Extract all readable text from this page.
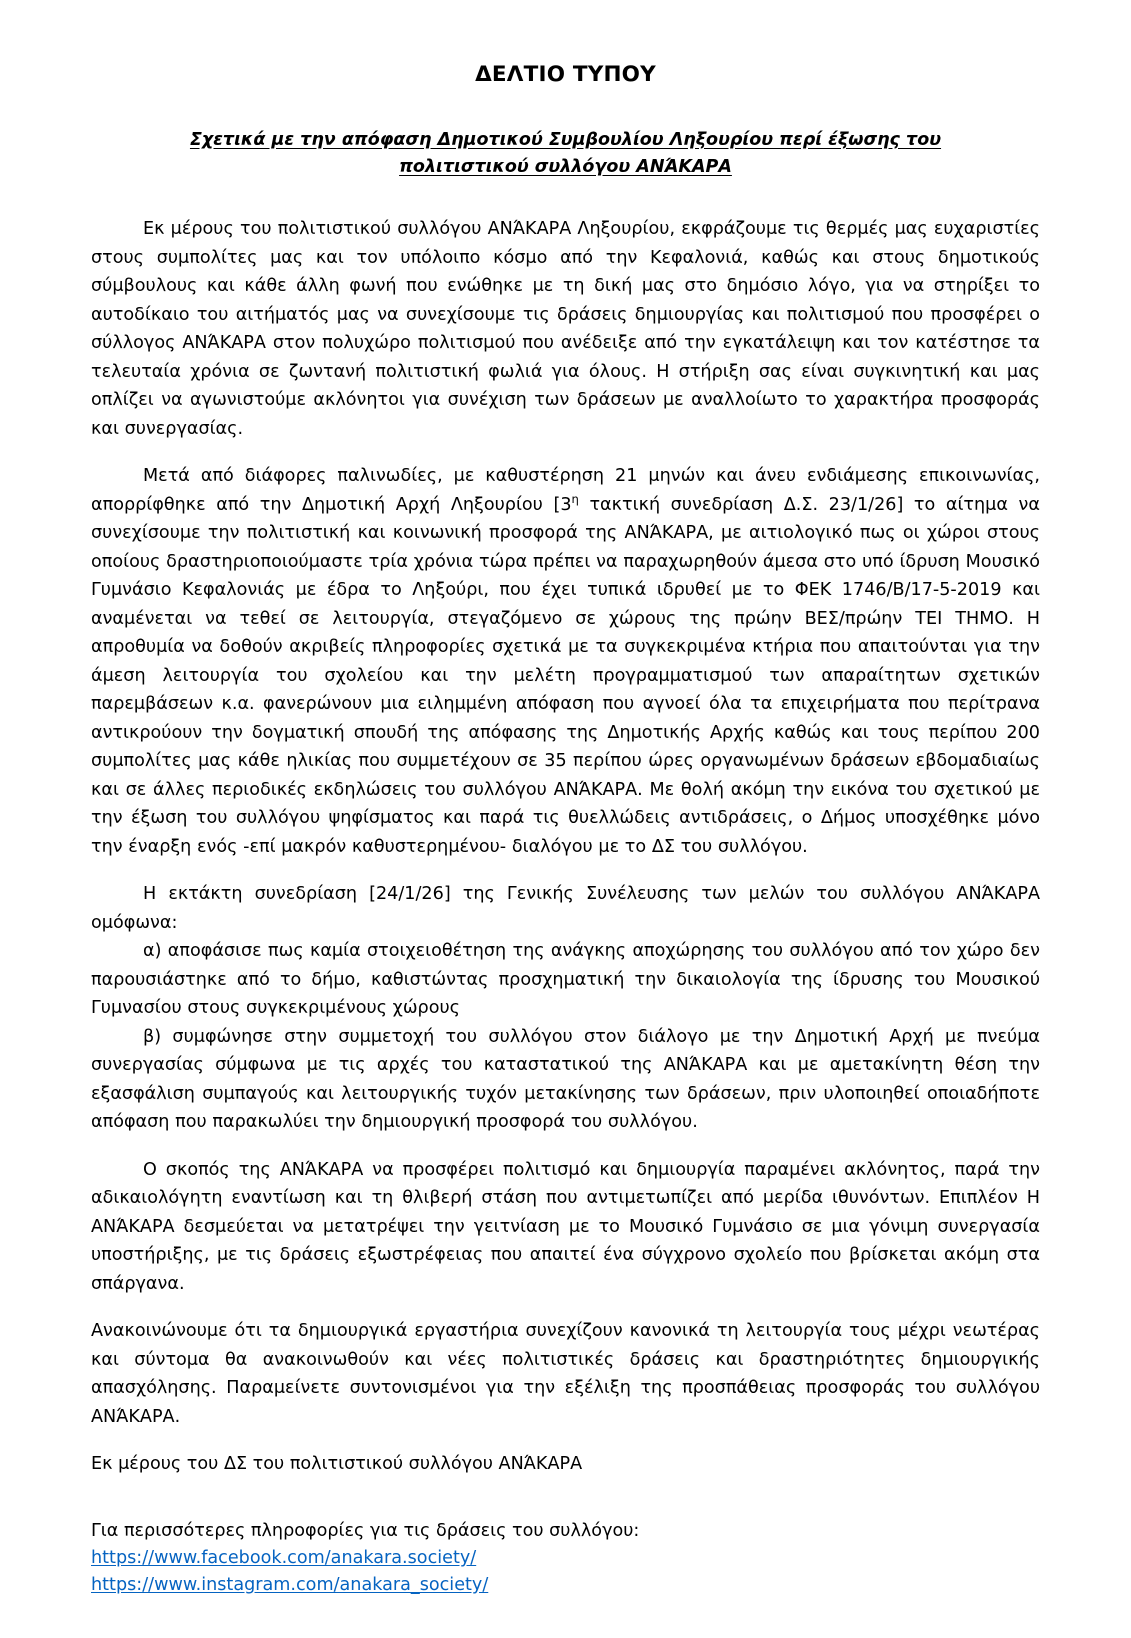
ΔΕΛΤΙΟ ΤΥΠΟΥ
Σχετικά με την απόφαση Δημοτικού Συμβουλίου Ληξουρίου περί έξωσης του
πολιτιστικού συλλόγου ΑΝΆΚΑΡΑ

Εκ μέρους του πολιτιστικού συλλόγου ΑΝΆΚΑΡΑ Ληξουρίου, εκφράζουμε τις θερμές μας ευχαριστίες στους συμπολίτες μας και τον υπόλοιπο κόσμο από την Κεφαλονιά, καθώς και στους δημοτικούς σύμβουλους και κάθε άλλη φωνή που ενώθηκε με τη δική μας στο δημόσιο λόγο, για να στηρίξει το αυτοδίκαιο του αιτήματός μας να συνεχίσουμε τις δράσεις δημιουργίας και πολιτισμού που προσφέρει ο σύλλογος ΑΝΆΚΑΡΑ στον πολυχώρο πολιτισμού που ανέδειξε από την εγκατάλειψη και τον κατέστησε τα τελευταία χρόνια σε ζωντανή πολιτιστική φωλιά για όλους. Η στήριξη σας είναι συγκινητική και μας οπλίζει να αγωνιστούμε ακλόνητοι για συνέχιση των δράσεων με αναλλοίωτο το χαρακτήρα προσφοράς και συνεργασίας.

Μετά από διάφορες παλινωδίες, με καθυστέρηση 21 μηνών και άνευ ενδιάμεσης επικοινωνίας, απορρίφθηκε από την Δημοτική Αρχή Ληξουρίου [$3^\eta$ τακτική συνεδρίαση Δ.Σ. 23/1/26] το αίτημα να συνεχίσουμε την πολιτιστική και κοινωνική προσφορά της ΑΝΆΚΑΡΑ, με αιτιολογικό πως οι χώροι στους οποίους δραστηριοποιούμαστε τρία χρόνια τώρα πρέπει να παραχωρηθούν άμεσα στο υπό ίδρυση Μουσικό Γυμνάσιο Κεφαλονιάς με έδρα το Ληξούρι, που έχει τυπικά ιδρυθεί με το ΦΕΚ 1746/Β/17-5-2019 και αναμένεται να τεθεί σε λειτουργία, στεγαζόμενο σε χώρους της πρώην ΒΕΣ/πρώην ΤΕΙ ΤΗΜΟ. Η απροθυμία να δοθούν ακριβείς πληροφορίες σχετικά με τα συγκεκριμένα κτήρια που απαιτούνται για την άμεση λειτουργία του σχολείου και την μελέτη προγραμματισμού των απαραίτητων σχετικών παρεμβάσεων κ.α. φανερώνουν μια ειλημμένη απόφαση που αγνοεί όλα τα επιχειρήματα που περίτρανα αντικρούουν την δογματική σπουδή της απόφασης της Δημοτικής Αρχής καθώς και τους περίπου 200 συμπολίτες μας κάθε ηλικίας που συμμετέχουν σε 35 περίπου ώρες οργανωμένων δράσεων εβδομαδιαίως και σε άλλες περιοδικές εκδηλώσεις του συλλόγου ΑΝΆΚΑΡΑ. Με θολή ακόμη την εικόνα του σχετικού με την έξωση του συλλόγου ψηφίσματος και παρά τις θυελλώδεις αντιδράσεις, ο Δήμος υποσχέθηκε μόνο την έναρξη ενός -επί μακρόν καθυστερημένου- διαλόγου με το ΔΣ του συλλόγου.

Η εκτάκτη συνεδρίαση [24/1/26] της Γενικής Συνέλευσης των μελών του συλλόγου ΑΝΆΚΑΡΑ ομόφωνα:

α) αποφάσισε πως καμία στοιχειοθέτηση της ανάγκης αποχώρησης του συλλόγου από τον χώρο δεν παρουσιάστηκε από το δήμο, καθιστώντας προσχηματική την δικαιολογία της ίδρυσης του Μουσικού Γυμνασίου στους συγκεκριμένους χώρους

β) συμφώνησε στην συμμετοχή του συλλόγου στον διάλογο με την Δημοτική Αρχή με πνεύμα συνεργασίας σύμφωνα με τις αρχές του καταστατικού της ΑΝΆΚΑΡΑ και με αμετακίνητη θέση την εξασφάλιση συμπαγούς και λειτουργικής τυχόν μετακίνησης των δράσεων, πριν υλοποιηθεί οποιαδήποτε απόφαση που παρακωλύει την δημιουργική προσφορά του συλλόγου.

Ο σκοπός της ΑΝΆΚΑΡΑ να προσφέρει πολιτισμό και δημιουργία παραμένει ακλόνητος, παρά την αδικαιολόγητη εναντίωση και τη θλιβερή στάση που αντιμετωπίζει από μερίδα ιθυνόντων. Επιπλέον Η ΑΝΆΚΑΡΑ δεσμεύεται να μετατρέψει την γειτνίαση με το Μουσικό Γυμνάσιο σε μια γόνιμη συνεργασία υποστήριξης, με τις δράσεις εξωστρέφειας που απαιτεί ένα σύγχρονο σχολείο που βρίσκεται ακόμη στα σπάργανα.

Ανακοινώνουμε ότι τα δημιουργικά εργαστήρια συνεχίζουν κανονικά τη λειτουργία τους μέχρι νεωτέρας και σύντομα θα ανακοινωθούν και νέες πολιτιστικές δράσεις και δραστηριότητες δημιουργικής απασχόλησης. Παραμείνετε συντονισμένοι για την εξέλιξη της προσπάθειας προσφοράς του συλλόγου ΑΝΆΚΑΡΑ.

Εκ μέρους του ΔΣ του πολιτιστικού συλλόγου ΑΝΆΚΑΡΑ

Για περισσότερες πληροφορίες για τις δράσεις του συλλόγου:

https://www.facebook.com/anakara.society/
https://www.instagram.com/anakara_society/
